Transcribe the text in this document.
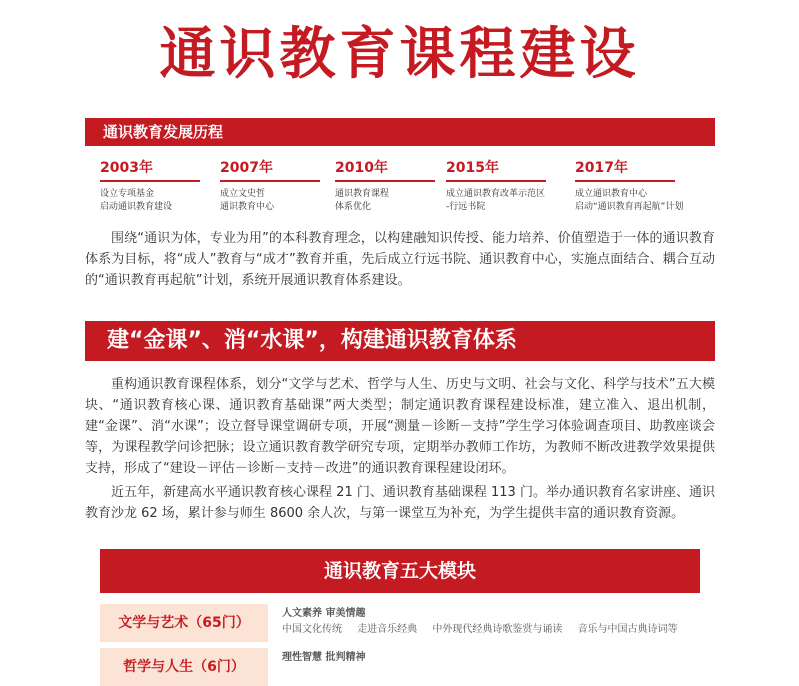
通识教育课程建设
通识教育发展历程
2003年
设立专项基金
启动通识教育建设
2007年
成立文史哲
通识教育中心
2010年
通识教育课程
体系优化
2015年
成立通识教育改革示范区
-行远书院
2017年
成立通识教育中心
启动“通识教育再起航”计划
围绕“通识为体，专业为用”的本科教育理念，以构建融知识传授、能力培养、价值塑造于一体的通识教育体系为目标，将“成人”教育与“成才”教育并重，先后成立行远书院、通识教育中心，实施点面结合、耦合互动的“通识教育再起航”计划，系统开展通识教育体系建设。
建“金课”、消“水课”，构建通识教育体系
重构通识教育课程体系，划分“文学与艺术、哲学与人生、历史与文明、社会与文化、科学与技术”五大模块、“通识教育核心课、通识教育基础课”两大类型；制定通识教育课程建设标准，建立准入、退出机制，建“金课”、消“水课”；设立督导课堂调研专项，开展“测量－诊断－支持”学生学习体验调查项目、助教座谈会等，为课程教学问诊把脉；设立通识教育教学研究专项，定期举办教师工作坊，为教师不断改进教学效果提供支持，形成了“建设－评估－诊断－支持－改进”的通识教育课程建设闭环。
近五年，新建高水平通识教育核心课程 21 门、通识教育基础课程 113 门。举办通识教育名家讲座、通识教育沙龙 62 场，累计参与师生 8600 余人次，与第一课堂互为补充，为学生提供丰富的通识教育资源。
通识教育五大模块
文学与艺术（65门）
人文素养 审美情趣
中国文化传统 走进音乐经典 中外现代经典诗歌鉴赏与诵读 音乐与中国古典诗词等
哲学与人生（6门）
理性智慧 批判精神
